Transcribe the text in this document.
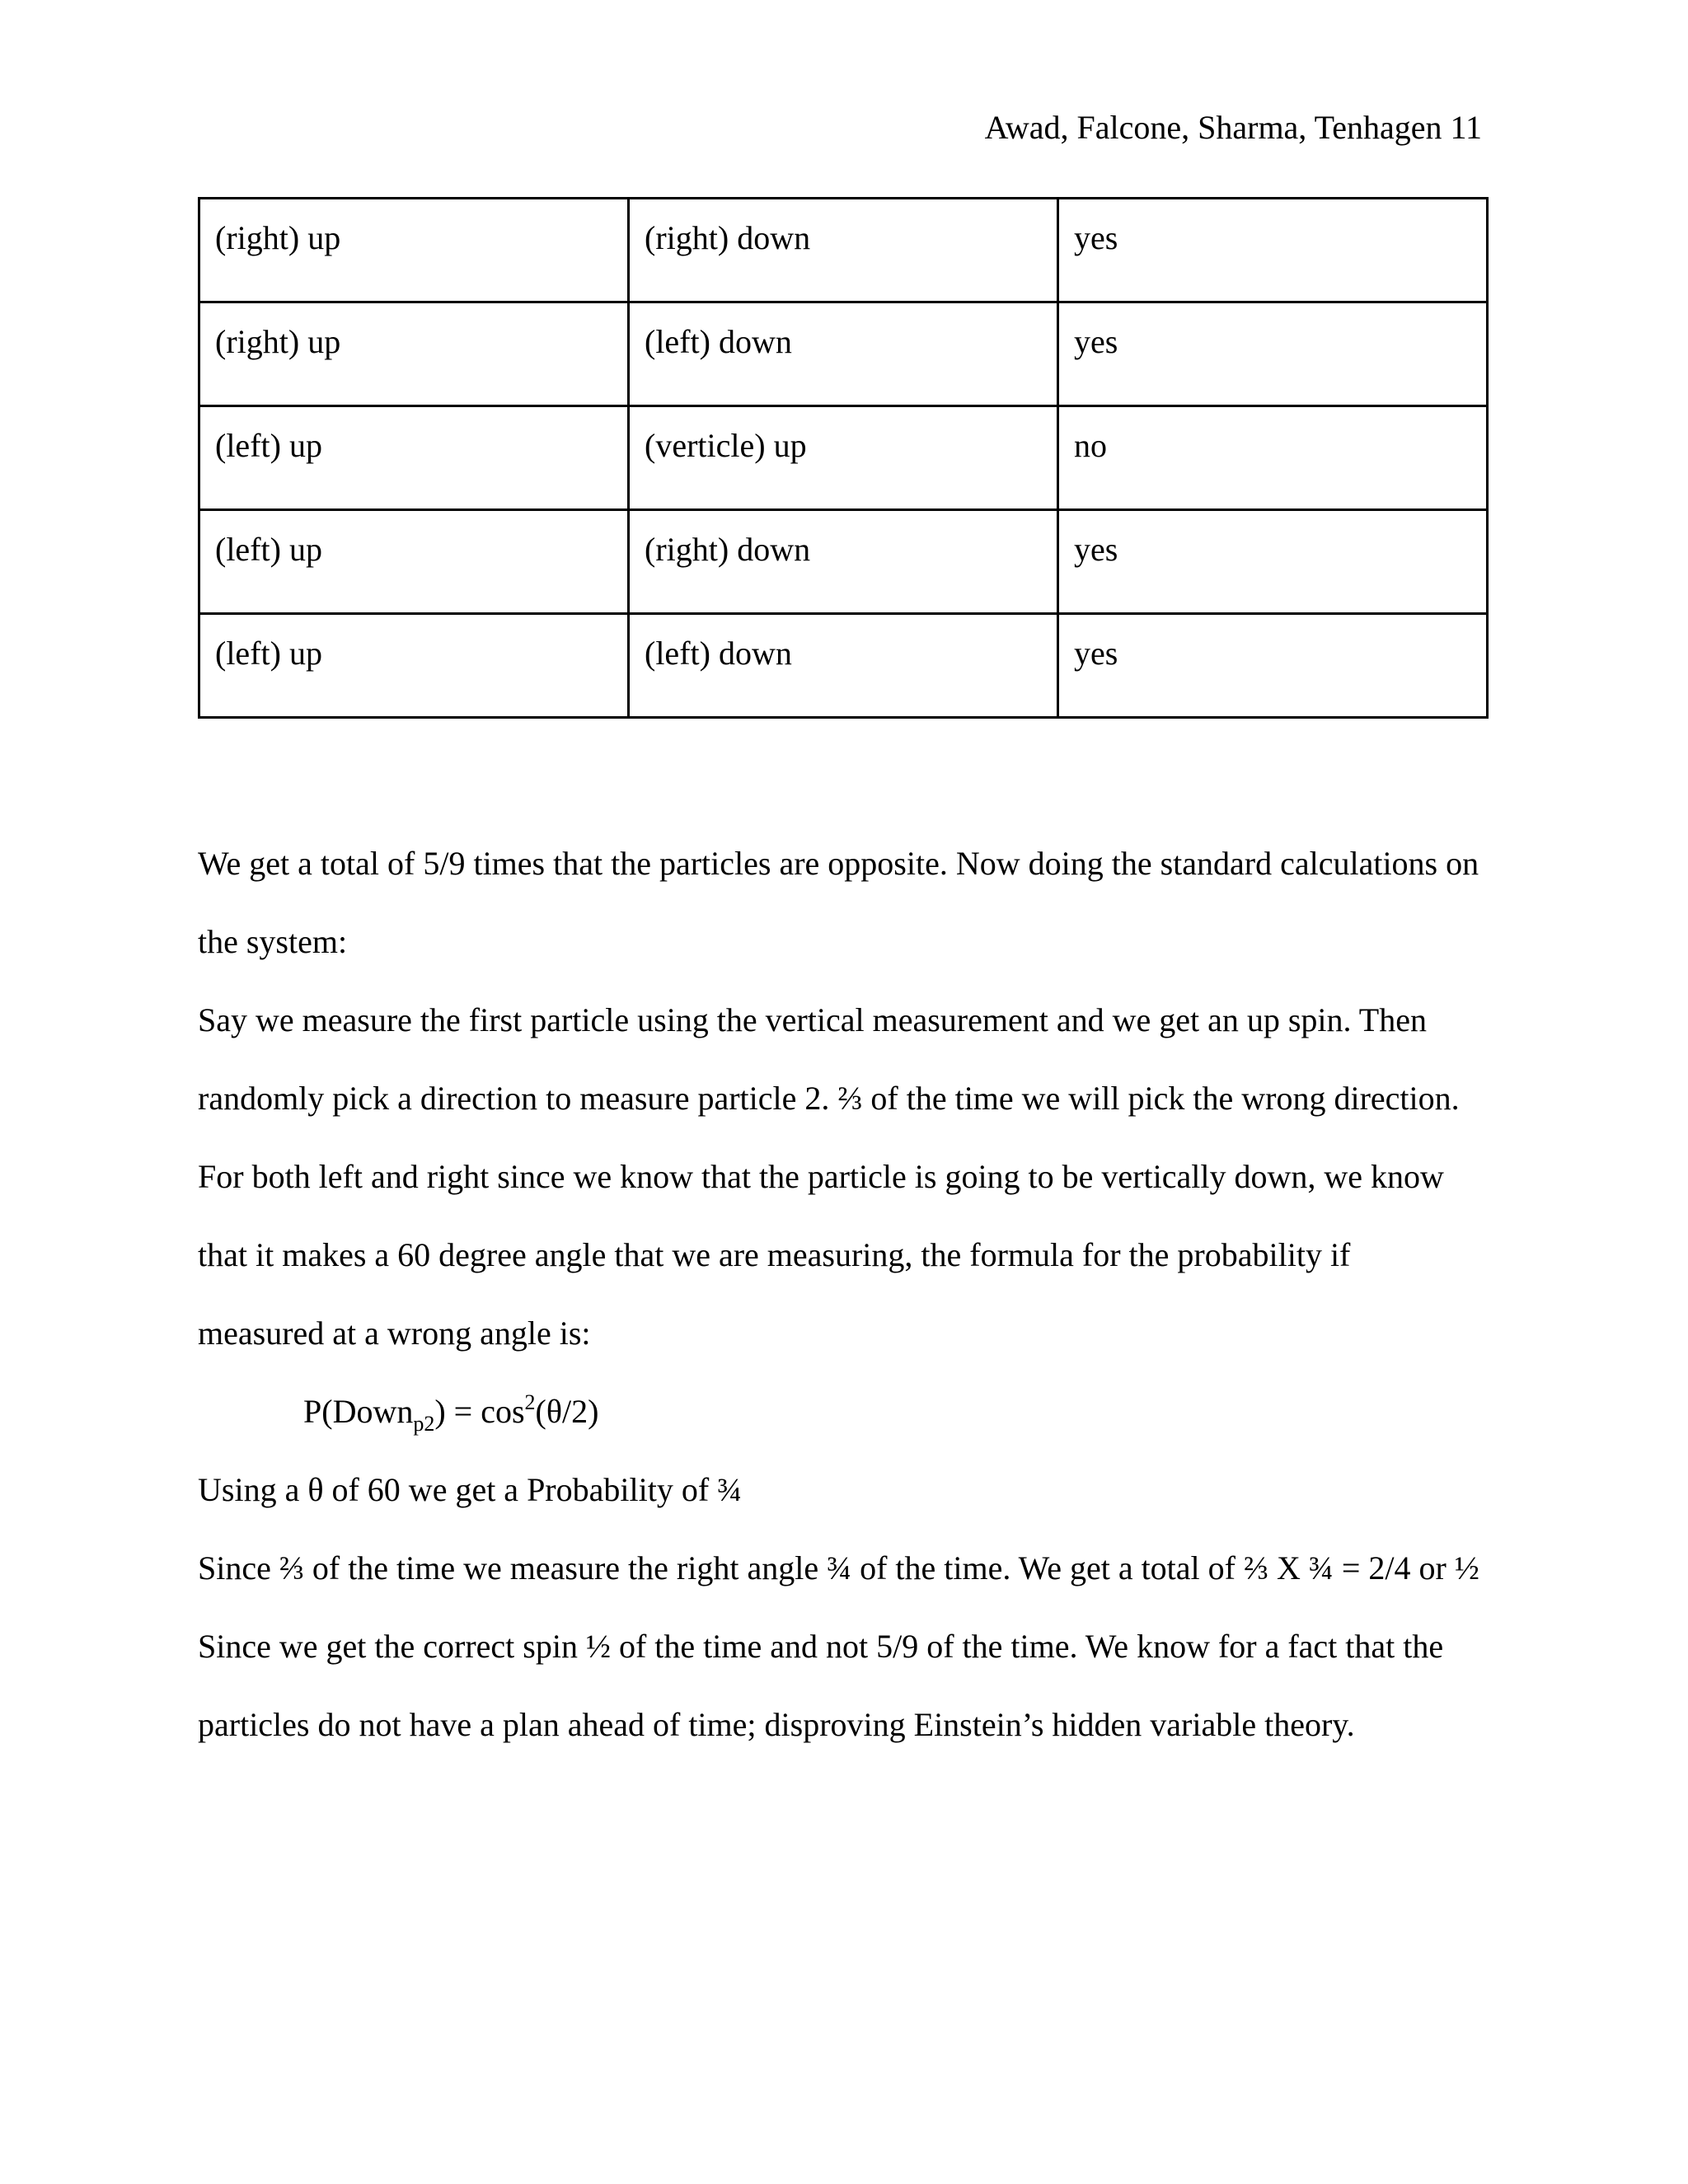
Awad, Falcone, Sharma, Tenhagen 11
(right) up	(right) down	yes
(right) up	(left) down	yes
(left) up	(verticle) up	no
(left) up	(right) down	yes
(left) up	(left) down	yes

We get a total of 5/9 times that the particles are opposite. Now doing the standard calculations on

the system:

Say we measure the first particle using the vertical measurement and we get an up spin. Then

randomly pick a direction to measure particle 2. ⅔ of the time we will pick the wrong direction.

For both left and right since we know that the particle is going to be vertically down, we know

that it makes a 60 degree angle that we are measuring, the formula for the probability if

measured at a wrong angle is:

P(Down$_{p2}$) = $\cos^2(\theta/2)$

Using a θ of 60 we get a Probability of ¾

Since ⅔ of the time we measure the right angle ¾ of the time. We get a total of ⅔ X ¾ = 2/4 or ½

Since we get the correct spin ½ of the time and not 5/9 of the time. We know for a fact that the

particles do not have a plan ahead of time; disproving Einstein’s hidden variable theory.
